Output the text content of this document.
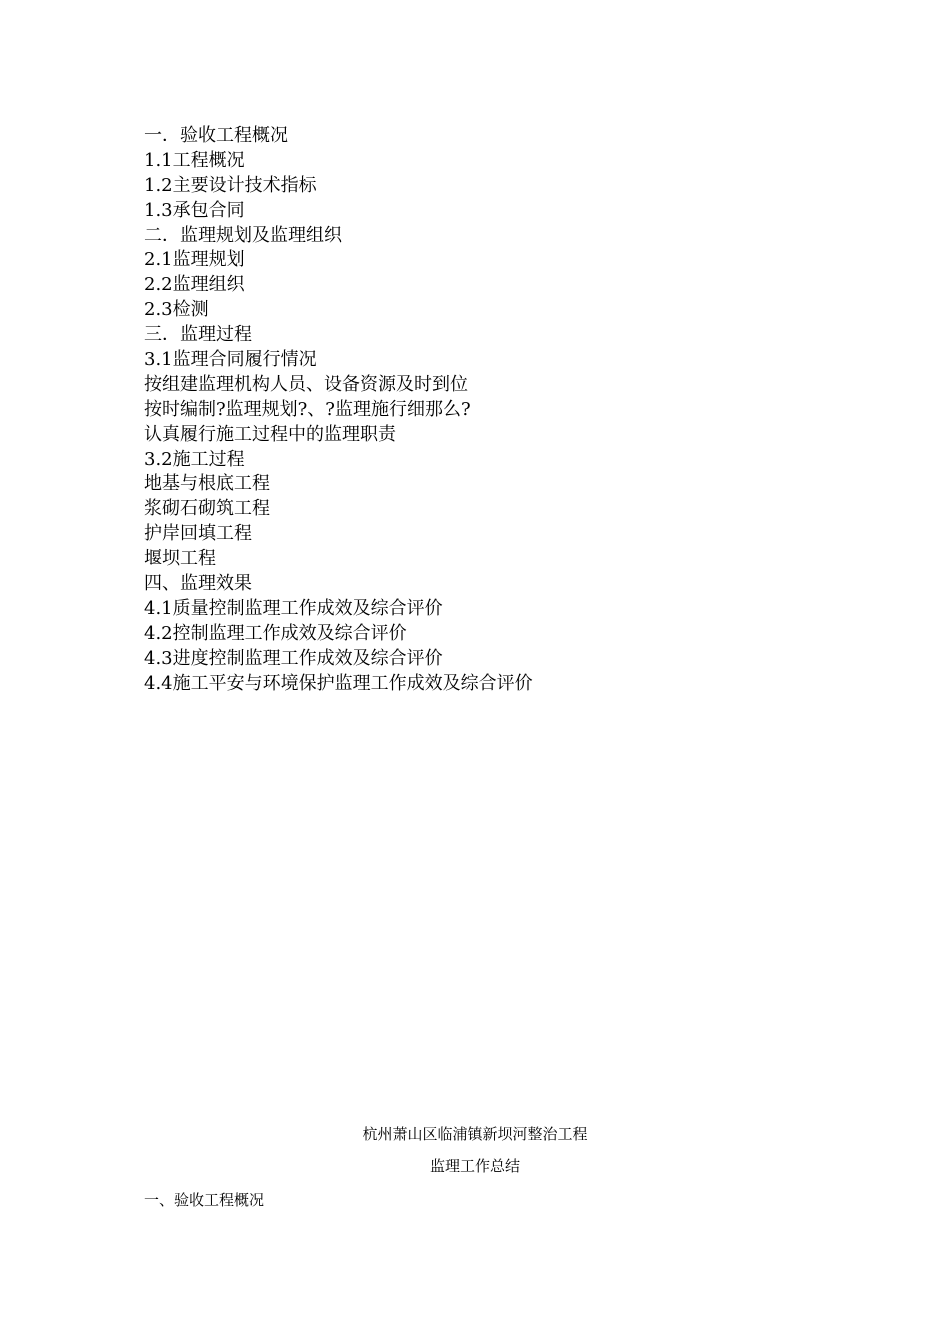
一．验收工程概况
1.1工程概况
1.2主要设计技术指标
1.3承包合同
二．监理规划及监理组织
2.1监理规划
2.2监理组织
2.3检测
三．监理过程
3.1监理合同履行情况
按组建监理机构人员、设备资源及时到位
按时编制?监理规划?、?监理施行细那么?
认真履行施工过程中的监理职责
3.2施工过程
地基与根底工程
浆砌石砌筑工程
护岸回填工程
堰坝工程
四、监理效果
4.1质量控制监理工作成效及综合评价
4.2控制监理工作成效及综合评价
4.3进度控制监理工作成效及综合评价
4.4施工平安与环境保护监理工作成效及综合评价
杭州萧山区临浦镇新坝河整治工程
监理工作总结
一、验收工程概况
